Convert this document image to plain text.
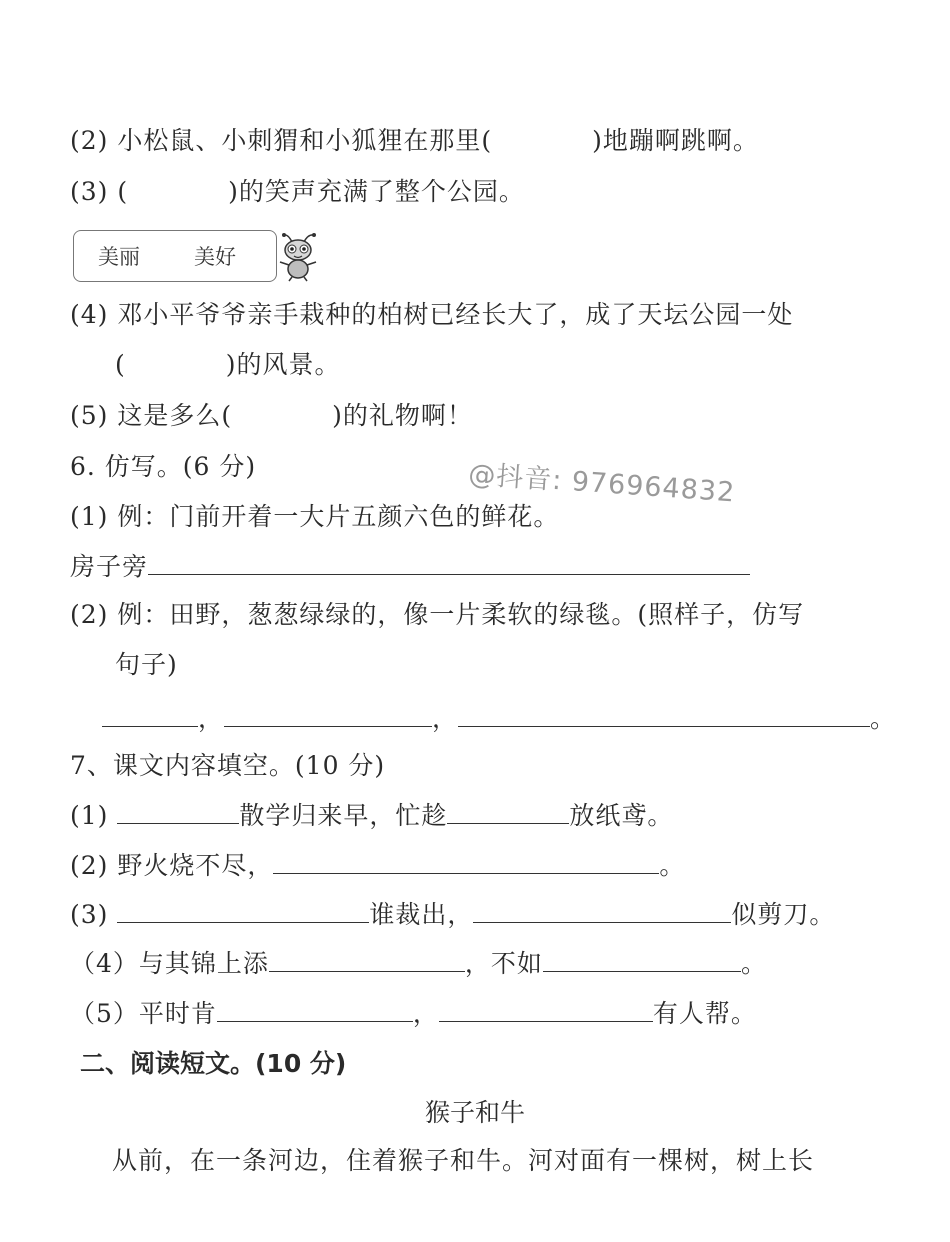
(2) 小松鼠、小刺猬和小狐狸在那里(	)地蹦啊跳啊。
(3) (	)的笑声充满了整个公园。
美丽	美好
(4) 邓小平爷爷亲手栽种的柏树已经长大了，成了天坛公园一处
(	)的风景。
(5) 这是多么(	)的礼物啊！
6. 仿写。(6 分)	@抖音: 976964832
(1) 例：门前开着一大片五颜六色的鲜花。
房子旁
(2) 例：田野，葱葱绿绿的，像一片柔软的绿毯。(照样子，仿写
句子)
，	，	。
7、课文内容填空。(10 分)
(1)	散学归来早，忙趁	放纸鸢。
(2) 野火烧不尽，	。
(3)	谁裁出，	似剪刀。
（4）与其锦上添	，不如	。
（5）平时肯	，	有人帮。
二、阅读短文。(10 分)
猴子和牛
从前，在一条河边，住着猴子和牛。河对面有一棵树，树上长
